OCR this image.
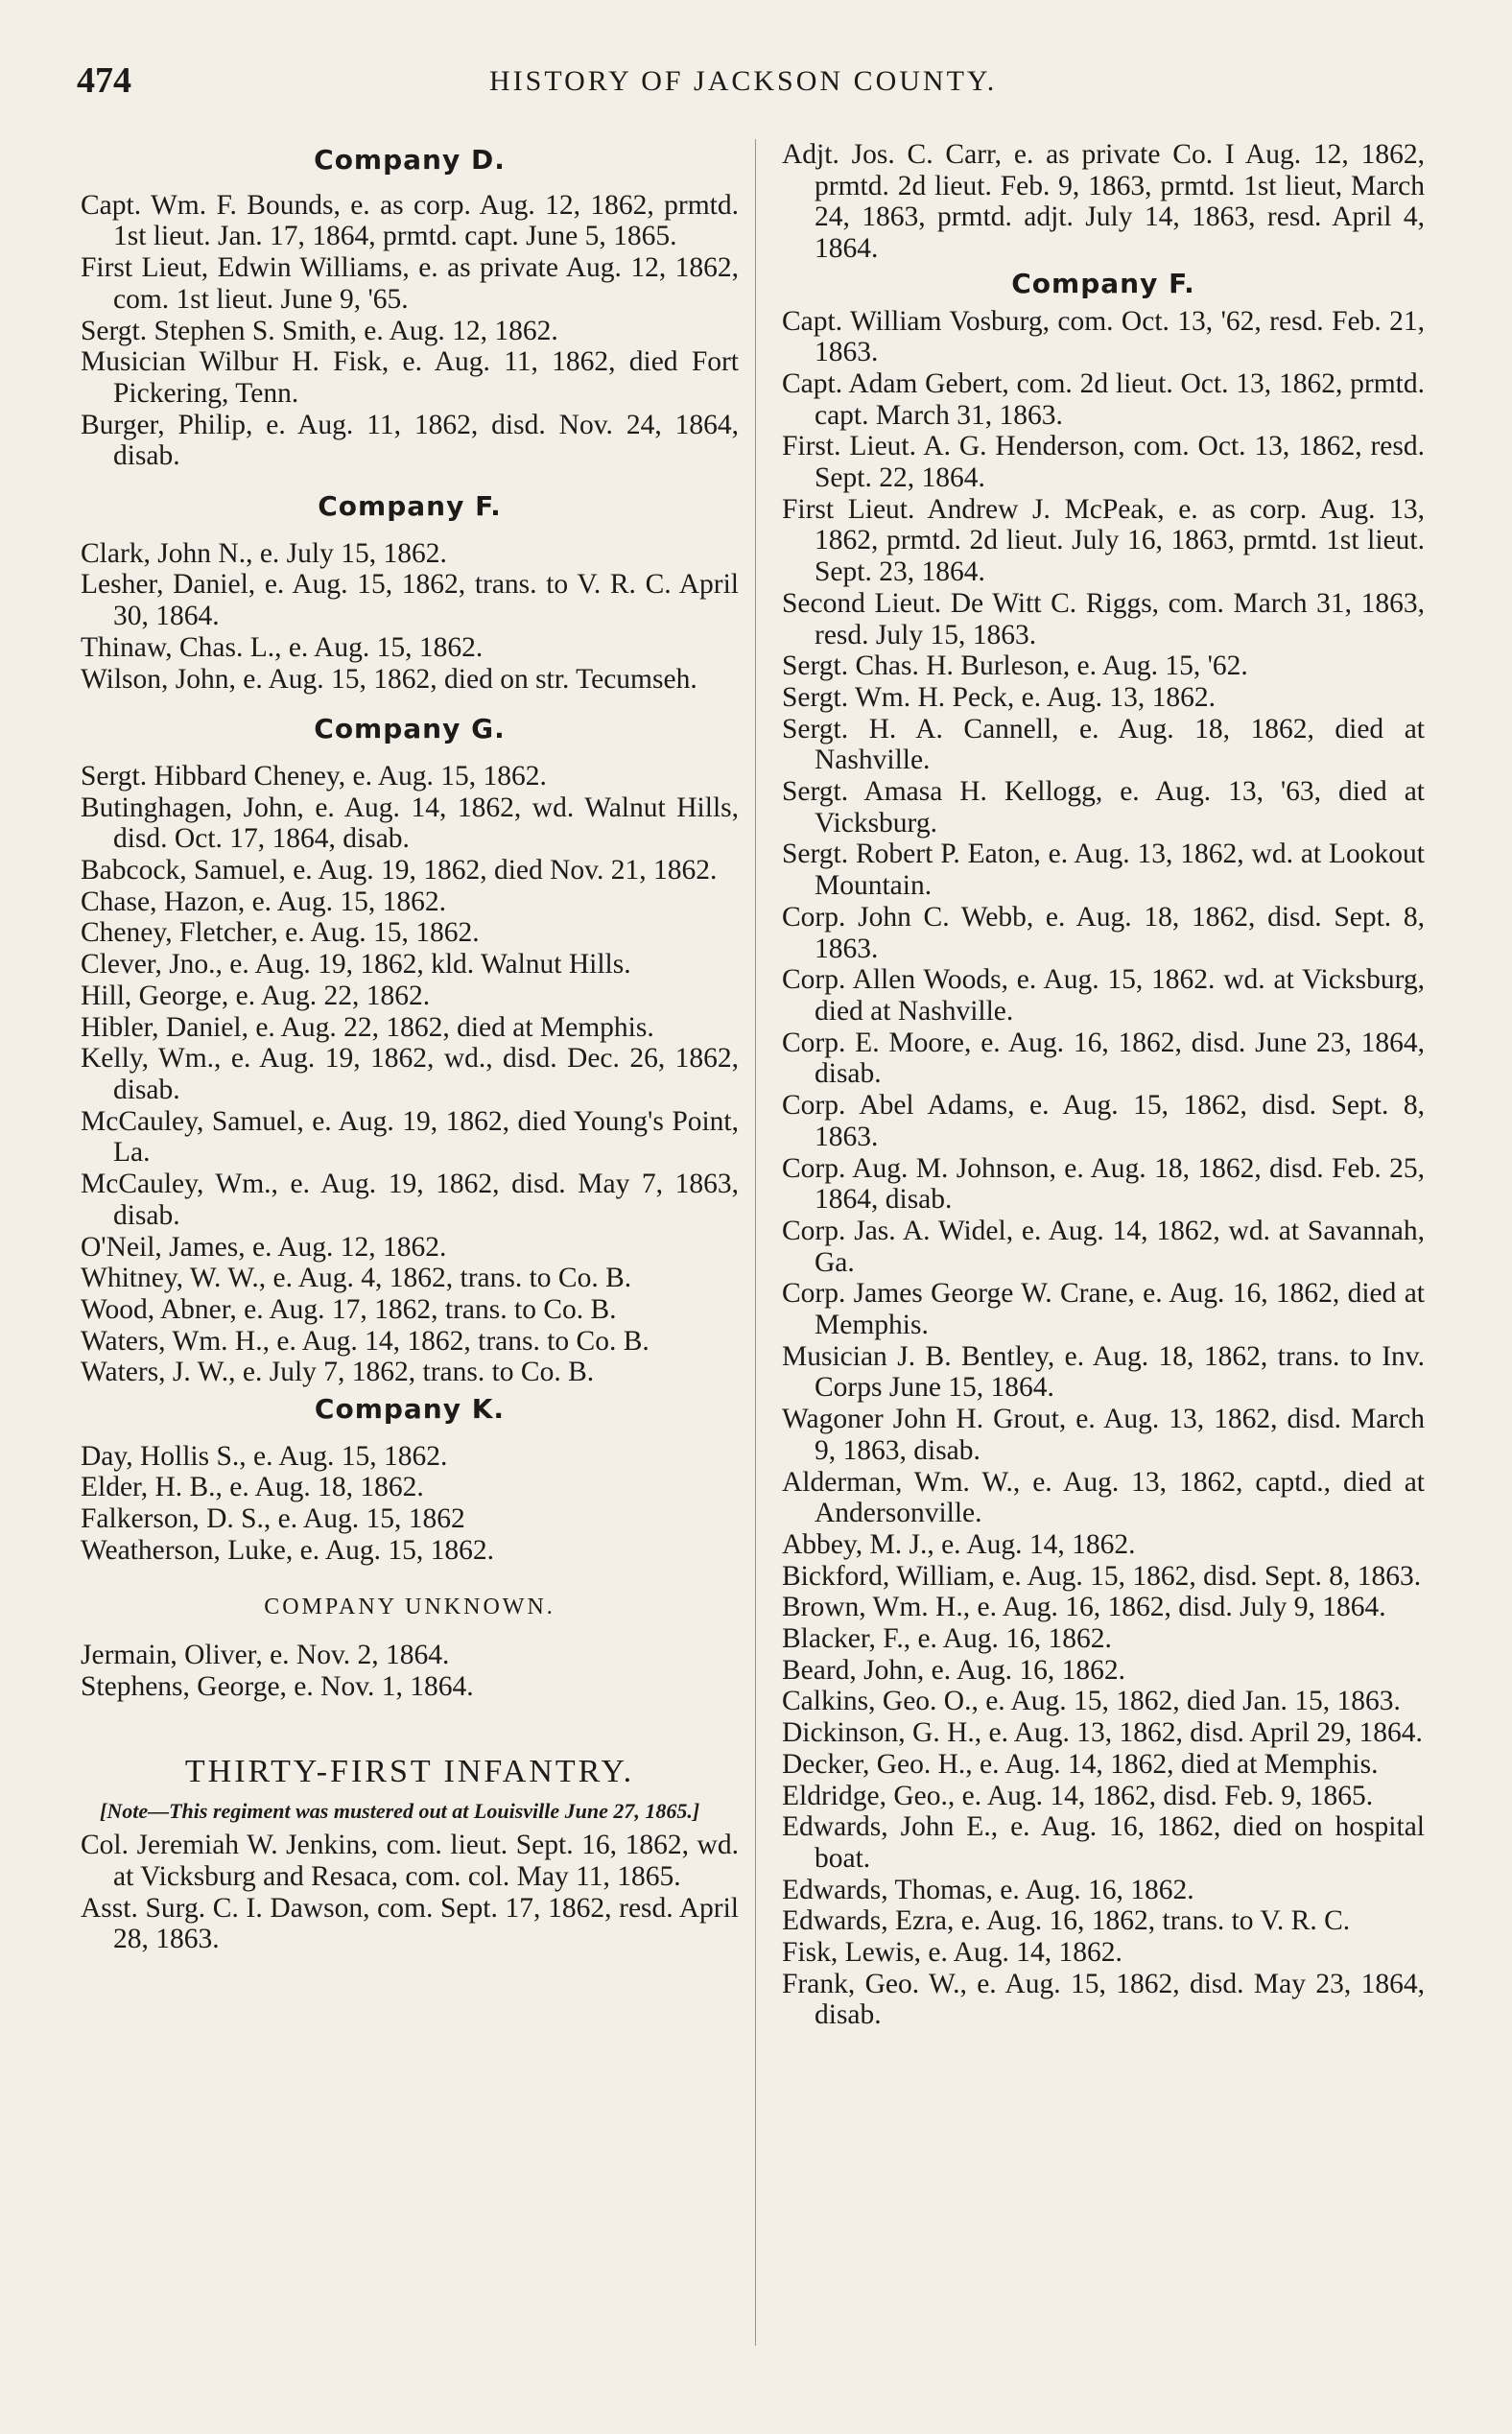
474	HISTORY OF JACKSON COUNTY.
Company D.
Capt. Wm. F. Bounds, e. as corp. Aug. 12, 1862, prmtd. 1st lieut. Jan. 17, 1864, prmtd. capt. June 5, 1865.
First Lieut, Edwin Williams, e. as private Aug. 12, 1862, com. 1st lieut. June 9, '65.
Sergt. Stephen S. Smith, e. Aug. 12, 1862.
Musician Wilbur H. Fisk, e. Aug. 11, 1862, died Fort Pickering, Tenn.
Burger, Philip, e. Aug. 11, 1862, disd. Nov. 24, 1864, disab.
Company F.
Clark, John N., e. July 15, 1862.
Lesher, Daniel, e. Aug. 15, 1862, trans. to V. R. C. April 30, 1864.
Thinaw, Chas. L., e. Aug. 15, 1862.
Wilson, John, e. Aug. 15, 1862, died on str. Tecumseh.
Company G.
Sergt. Hibbard Cheney, e. Aug. 15, 1862.
Butinghagen, John, e. Aug. 14, 1862, wd. Walnut Hills, disd. Oct. 17, 1864, disab.
Babcock, Samuel, e. Aug. 19, 1862, died Nov. 21, 1862.
Chase, Hazon, e. Aug. 15, 1862.
Cheney, Fletcher, e. Aug. 15, 1862.
Clever, Jno., e. Aug. 19, 1862, kld. Walnut Hills.
Hill, George, e. Aug. 22, 1862.
Hibler, Daniel, e. Aug. 22, 1862, died at Memphis.
Kelly, Wm., e. Aug. 19, 1862, wd., disd. Dec. 26, 1862, disab.
McCauley, Samuel, e. Aug. 19, 1862, died Young's Point, La.
McCauley, Wm., e. Aug. 19, 1862, disd. May 7, 1863, disab.
O'Neil, James, e. Aug. 12, 1862.
Whitney, W. W., e. Aug. 4, 1862, trans. to Co. B.
Wood, Abner, e. Aug. 17, 1862, trans. to Co. B.
Waters, Wm. H., e. Aug. 14, 1862, trans. to Co. B.
Waters, J. W., e. July 7, 1862, trans. to Co. B.
Company K.
Day, Hollis S., e. Aug. 15, 1862.
Elder, H. B., e. Aug. 18, 1862.
Falkerson, D. S., e. Aug. 15, 1862
Weatherson, Luke, e. Aug. 15, 1862.
COMPANY UNKNOWN.
Jermain, Oliver, e. Nov. 2, 1864.
Stephens, George, e. Nov. 1, 1864.
THIRTY-FIRST INFANTRY.
[Note—This regiment was mustered out at Louisville June 27, 1865.]
Col. Jeremiah W. Jenkins, com. lieut. Sept. 16, 1862, wd. at Vicksburg and Resaca, com. col. May 11, 1865.
Asst. Surg. C. I. Dawson, com. Sept. 17, 1862, resd. April 28, 1863.
Adjt. Jos. C. Carr, e. as private Co. I Aug. 12, 1862, prmtd. 2d lieut. Feb. 9, 1863, prmtd. 1st lieut, March 24, 1863, prmtd. adjt. July 14, 1863, resd. April 4, 1864.
Company F.
Capt. William Vosburg, com. Oct. 13, '62, resd. Feb. 21, 1863.
Capt. Adam Gebert, com. 2d lieut. Oct. 13, 1862, prmtd. capt. March 31, 1863.
First. Lieut. A. G. Henderson, com. Oct. 13, 1862, resd. Sept. 22, 1864.
First Lieut. Andrew J. McPeak, e. as corp. Aug. 13, 1862, prmtd. 2d lieut. July 16, 1863, prmtd. 1st lieut. Sept. 23, 1864.
Second Lieut. De Witt C. Riggs, com. March 31, 1863, resd. July 15, 1863.
Sergt. Chas. H. Burleson, e. Aug. 15, '62.
Sergt. Wm. H. Peck, e. Aug. 13, 1862.
Sergt. H. A. Cannell, e. Aug. 18, 1862, died at Nashville.
Sergt. Amasa H. Kellogg, e. Aug. 13, '63, died at Vicksburg.
Sergt. Robert P. Eaton, e. Aug. 13, 1862, wd. at Lookout Mountain.
Corp. John C. Webb, e. Aug. 18, 1862, disd. Sept. 8, 1863.
Corp. Allen Woods, e. Aug. 15, 1862. wd. at Vicksburg, died at Nashville.
Corp. E. Moore, e. Aug. 16, 1862, disd. June 23, 1864, disab.
Corp. Abel Adams, e. Aug. 15, 1862, disd. Sept. 8, 1863.
Corp. Aug. M. Johnson, e. Aug. 18, 1862, disd. Feb. 25, 1864, disab.
Corp. Jas. A. Widel, e. Aug. 14, 1862, wd. at Savannah, Ga.
Corp. James George W. Crane, e. Aug. 16, 1862, died at Memphis.
Musician J. B. Bentley, e. Aug. 18, 1862, trans. to Inv. Corps June 15, 1864.
Wagoner John H. Grout, e. Aug. 13, 1862, disd. March 9, 1863, disab.
Alderman, Wm. W., e. Aug. 13, 1862, captd., died at Andersonville.
Abbey, M. J., e. Aug. 14, 1862.
Bickford, William, e. Aug. 15, 1862, disd. Sept. 8, 1863.
Brown, Wm. H., e. Aug. 16, 1862, disd. July 9, 1864.
Blacker, F., e. Aug. 16, 1862.
Beard, John, e. Aug. 16, 1862.
Calkins, Geo. O., e. Aug. 15, 1862, died Jan. 15, 1863.
Dickinson, G. H., e. Aug. 13, 1862, disd. April 29, 1864.
Decker, Geo. H., e. Aug. 14, 1862, died at Memphis.
Eldridge, Geo., e. Aug. 14, 1862, disd. Feb. 9, 1865.
Edwards, John E., e. Aug. 16, 1862, died on hospital boat.
Edwards, Thomas, e. Aug. 16, 1862.
Edwards, Ezra, e. Aug. 16, 1862, trans. to V. R. C.
Fisk, Lewis, e. Aug. 14, 1862.
Frank, Geo. W., e. Aug. 15, 1862, disd. May 23, 1864, disab.
